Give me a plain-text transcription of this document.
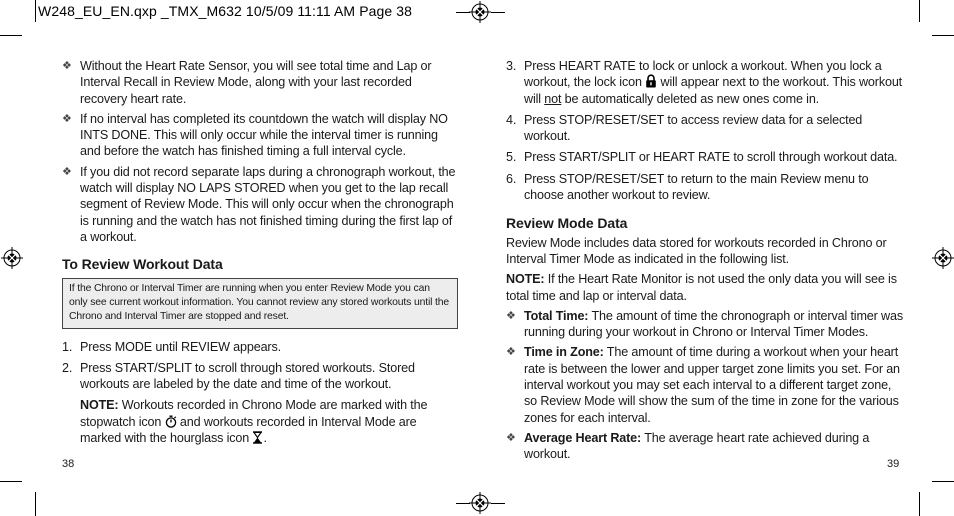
W248_EU_EN.qxp _TMX_M632 10/5/09 11:11 AM Page 38
❖ Without the Heart Rate Sensor, you will see total time and Lap or Interval Recall in Review Mode, along with your last recorded recovery heart rate.
❖ If no interval has completed its countdown the watch will display NO INTS DONE. This will only occur while the interval timer is running and before the watch has finished timing a full interval cycle.
❖ If you did not record separate laps during a chronograph workout, the watch will display NO LAPS STORED when you get to the lap recall segment of Review Mode. This will only occur when the chronograph is running and the watch has not finished timing during the first lap of a workout.
To Review Workout Data
If the Chrono or Interval Timer are running when you enter Review Mode you can only see current workout information. You cannot review any stored workouts until the Chrono and Interval Timer are stopped and reset.
1. Press MODE until REVIEW appears.
2. Press START/SPLIT to scroll through stored workouts. Stored workouts are labeled by the date and time of the workout.
NOTE: Workouts recorded in Chrono Mode are marked with the stopwatch icon  and workouts recorded in Interval Mode are marked with the hourglass icon .
38
3. Press HEART RATE to lock or unlock a workout. When you lock a workout, the lock icon  will appear next to the workout. This workout will not be automatically deleted as new ones come in.
4. Press STOP/RESET/SET to access review data for a selected workout.
5. Press START/SPLIT or HEART RATE to scroll through workout data.
6. Press STOP/RESET/SET to return to the main Review menu to choose another workout to review.
Review Mode Data
Review Mode includes data stored for workouts recorded in Chrono or Interval Timer Mode as indicated in the following list.
NOTE: If the Heart Rate Monitor is not used the only data you will see is total time and lap or interval data.
❖ Total Time: The amount of time the chronograph or interval timer was running during your workout in Chrono or Interval Timer Modes.
❖ Time in Zone: The amount of time during a workout when your heart rate is between the lower and upper target zone limits you set. For an interval workout you may set each interval to a different target zone, so Review Mode will show the sum of the time in zone for the various zones for each interval.
❖ Average Heart Rate: The average heart rate achieved during a workout.
39
